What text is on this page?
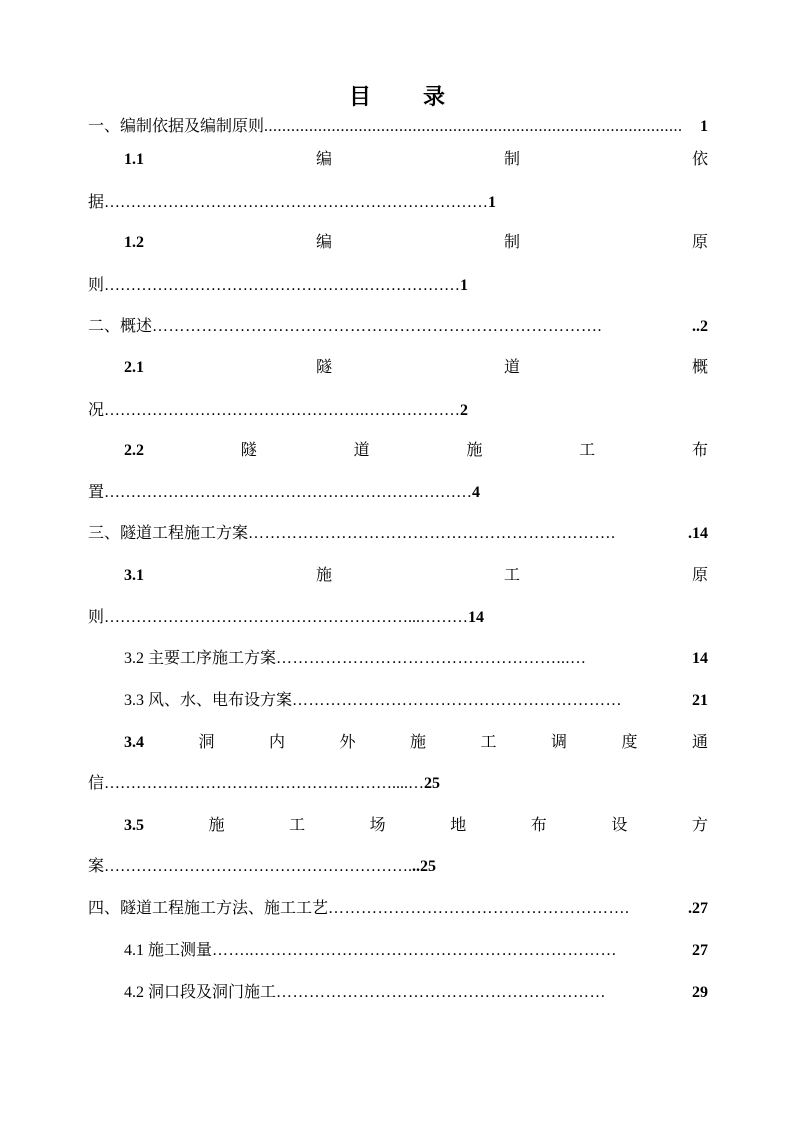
目 录
一、编制依据及编制原则 .............................................................................................	1
1.1	编	制	依
据………………………………………………………………1
1.2	编	制	原
则………………………………………….………………1
二、概述 ……………………………………………………………………….	..2
2.1	隧	道	概
况………………………………………….………………2
2.2	隧	道	施	工	布
置……………………………………………………………4
三、隧道工程施工方案 ………………………………………………………….	.14
3.1	施	工	原
则…………………………………………………...………14
3.2 主要工序施工方案 ……………………………………………...…	14
3.3 风、水、电布设方案 ……………………………………………………	21
3.4	洞	内	外	施	工	调	度	通
信………………………………………………....…25
3.5	施	工	场	地	布	设	方
案…………………………………………………...25
四、隧道工程施工方法、施工工艺 ……………………………………………….	.27
4.1 施工测量 ……..…………………………………………………………	27
4.2 洞口段及洞门施工 ……………………………………………………	29
